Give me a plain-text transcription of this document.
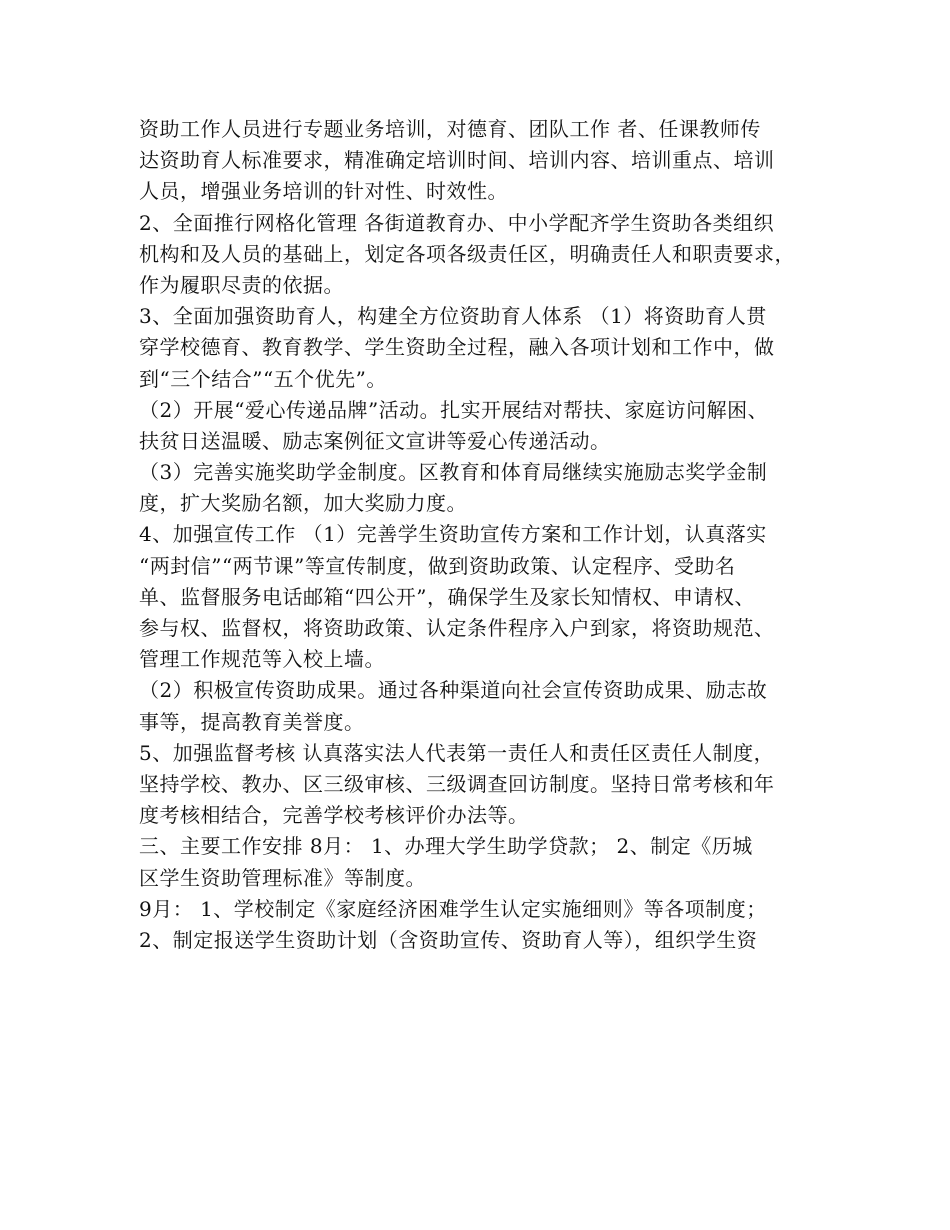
资助工作人员进行专题业务培训，对德育、团队工作 者、任课教师传
达资助育人标准要求，精准确定培训时间、培训内容、培训重点、培训
人员，增强业务培训的针对性、时效性。
2、全面推行网格化管理 各街道教育办、中小学配齐学生资助各类组织
机构和及人员的基础上，划定各项各级责任区，明确责任人和职责要求，
作为履职尽责的依据。
3、全面加强资助育人，构建全方位资助育人体系 （1）将资助育人贯
穿学校德育、教育教学、学生资助全过程，融入各项计划和工作中，做
到“三个结合”“五个优先”。
（2）开展“爱心传递品牌”活动。扎实开展结对帮扶、家庭访问解困、
扶贫日送温暖、励志案例征文宣讲等爱心传递活动。
（3）完善实施奖助学金制度。区教育和体育局继续实施励志奖学金制
度，扩大奖励名额，加大奖励力度。
4、加强宣传工作 （1）完善学生资助宣传方案和工作计划，认真落实
“两封信”“两节课”等宣传制度，做到资助政策、认定程序、受助名
单、监督服务电话邮箱“四公开”，确保学生及家长知情权、申请权、
参与权、监督权，将资助政策、认定条件程序入户到家，将资助规范、
管理工作规范等入校上墙。
（2）积极宣传资助成果。通过各种渠道向社会宣传资助成果、励志故
事等，提高教育美誉度。
5、加强监督考核 认真落实法人代表第一责任人和责任区责任人制度，
坚持学校、教办、区三级审核、三级调查回访制度。坚持日常考核和年
度考核相结合，完善学校考核评价办法等。
三、主要工作安排 8月： 1、办理大学生助学贷款； 2、制定《历城
区学生资助管理标准》等制度。
9月： 1、学校制定《家庭经济困难学生认定实施细则》等各项制度；
2、制定报送学生资助计划（含资助宣传、资助育人等），组织学生资
